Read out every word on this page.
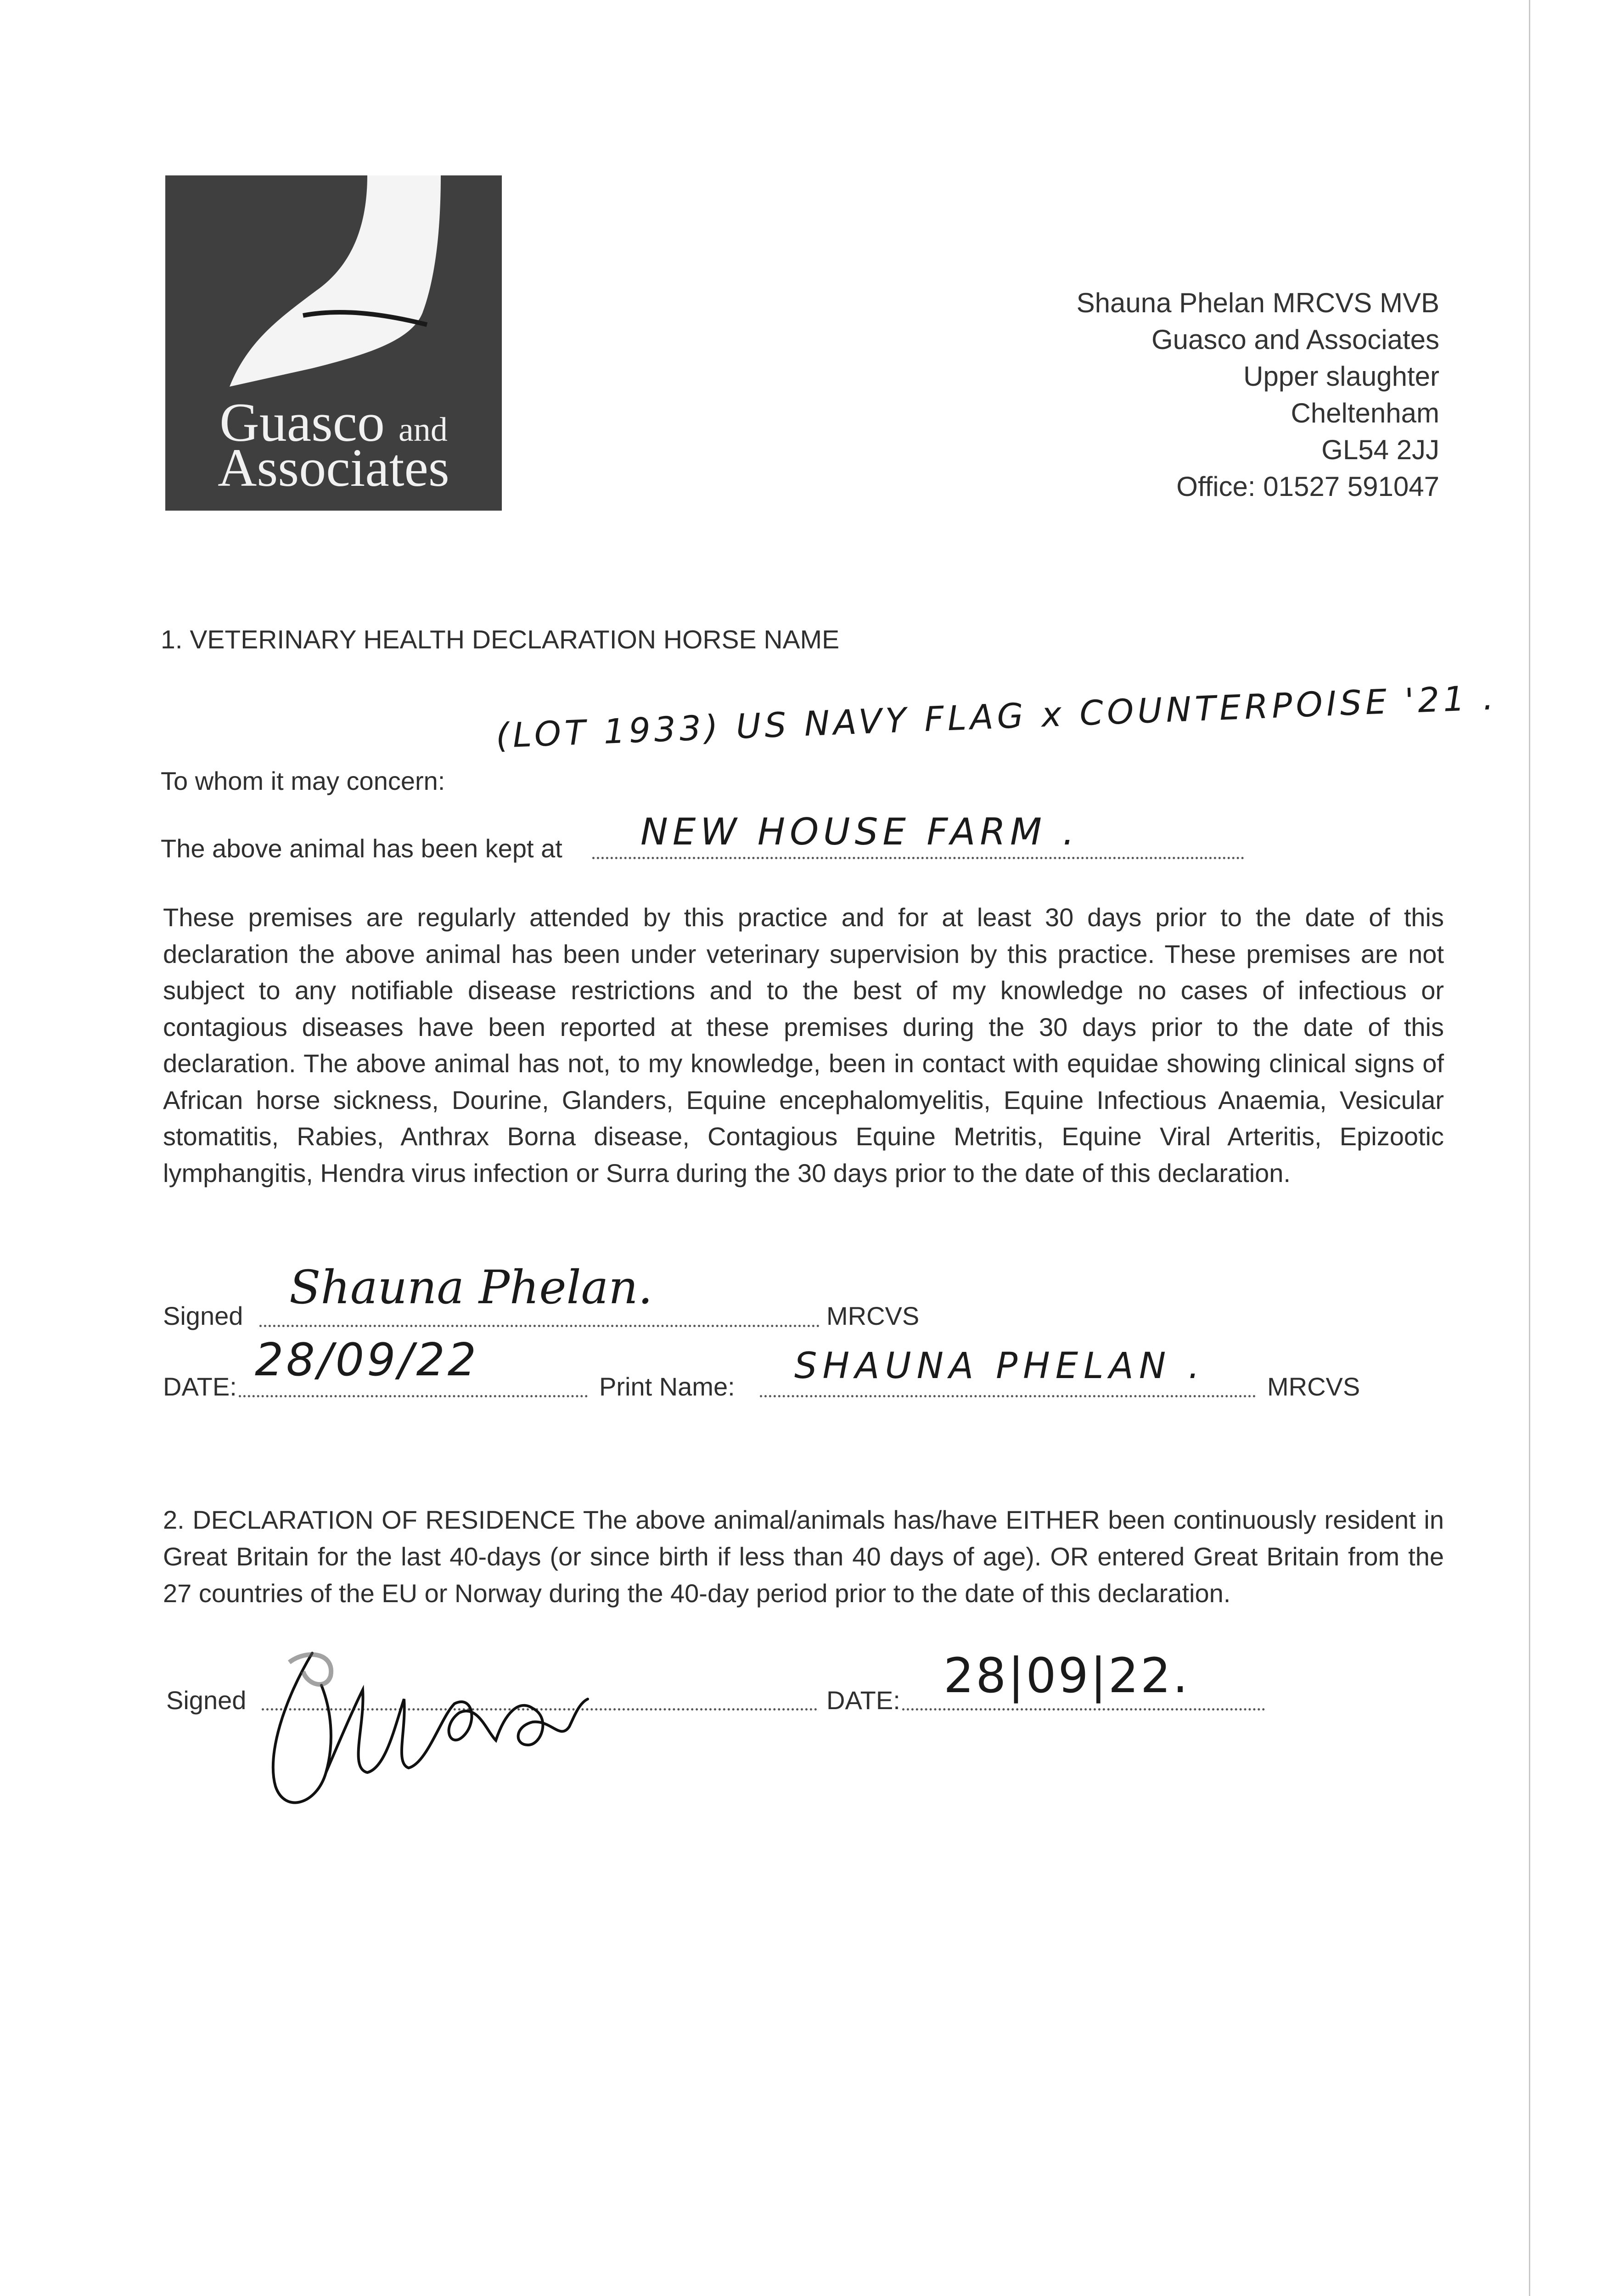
Guasco and
Associates
Shauna Phelan MRCVS MVB
Guasco and Associates
Upper slaughter
Cheltenham
GL54 2JJ
Office: 01527 591047
1. VETERINARY HEALTH DECLARATION HORSE NAME
To whom it may concern:
(LOT 1933) US NAVY FLAG x COUNTERPOISE '21 .
The above animal has been kept at NEW HOUSE FARM .
These premises are regularly attended by this practice and for at least 30 days prior to the date of this declaration the above animal has been under veterinary supervision by this practice. These premises are not subject to any notifiable disease restrictions and to the best of my knowledge no cases of infectious or contagious diseases have been reported at these premises during the 30 days prior to the date of this declaration. The above animal has not, to my knowledge, been in contact with equidae showing clinical signs of African horse sickness, Dourine, Glanders, Equine encephalomyelitis, Equine Infectious Anaemia, Vesicular stomatitis, Rabies, Anthrax Borna disease, Contagious Equine Metritis, Equine Viral Arteritis, Epizootic lymphangitis, Hendra virus infection or Surra during the 30 days prior to the date of this declaration.
Signed
Shauna Phelan.
MRCVS
DATE:
28/09/22
Print Name: SHAUNA PHELAN . MRCVS
2. DECLARATION OF RESIDENCE The above animal/animals has/have EITHER been continuously resident in Great Britain for the last 40-days (or since birth if less than 40 days of age). OR entered Great Britain from the 27 countries of the EU or Norway during the 40-day period prior to the date of this declaration.
Signed	DATE: 28|09|22.
